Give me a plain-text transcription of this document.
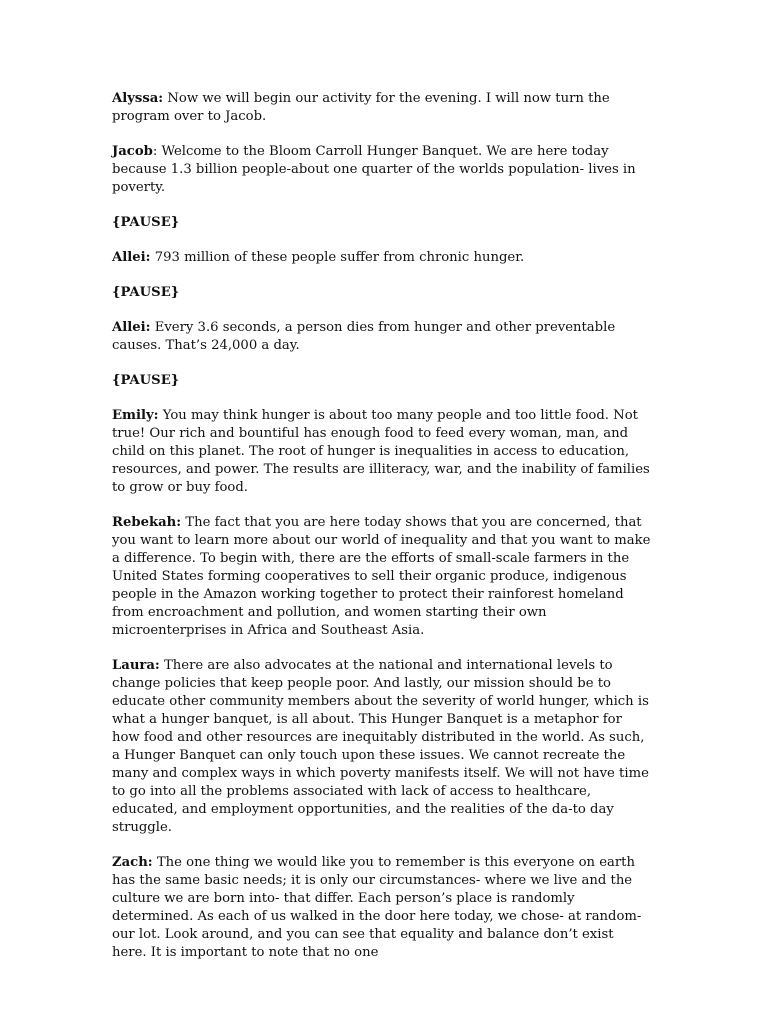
Alyssa: Now we will begin our activity for the evening. I will now turn the program over to Jacob.

Jacob: Welcome to the Bloom Carroll Hunger Banquet. We are here today because 1.3 billion people-about one quarter of the worlds population- lives in poverty.

{PAUSE}

Allei: 793 million of these people suffer from chronic hunger.

{PAUSE}

Allei: Every 3.6 seconds, a person dies from hunger and other preventable causes. That’s 24,000 a day.

{PAUSE}

Emily: You may think hunger is about too many people and too little food. Not true! Our rich and bountiful has enough food to feed every woman, man, and child on this planet. The root of hunger is inequalities in access to education, resources, and power. The results are illiteracy, war, and the inability of families to grow or buy food.

Rebekah: The fact that you are here today shows that you are concerned, that you want to learn more about our world of inequality and that you want to make a difference. To begin with, there are the efforts of small-scale farmers in the United States forming cooperatives to sell their organic produce, indigenous people in the Amazon working together to protect their rainforest homeland from encroachment and pollution, and women starting their own microenterprises in Africa and Southeast Asia.

Laura: There are also advocates at the national and international levels to change policies that keep people poor. And lastly, our mission should be to educate other community members about the severity of world hunger, which is what a hunger banquet, is all about. This Hunger Banquet is a metaphor for how food and other resources are inequitably distributed in the world. As such, a Hunger Banquet can only touch upon these issues. We cannot recreate the many and complex ways in which poverty manifests itself. We will not have time to go into all the problems associated with lack of access to healthcare, educated, and employment opportunities, and the realities of the da-to day struggle.

Zach: The one thing we would like you to remember is this everyone on earth has the same basic needs; it is only our circumstances- where we live and the culture we are born into- that differ. Each person’s place is randomly determined. As each of us walked in the door here today, we chose- at random- our lot. Look around, and you can see that equality and balance don’t exist here. It is important to note that no one
